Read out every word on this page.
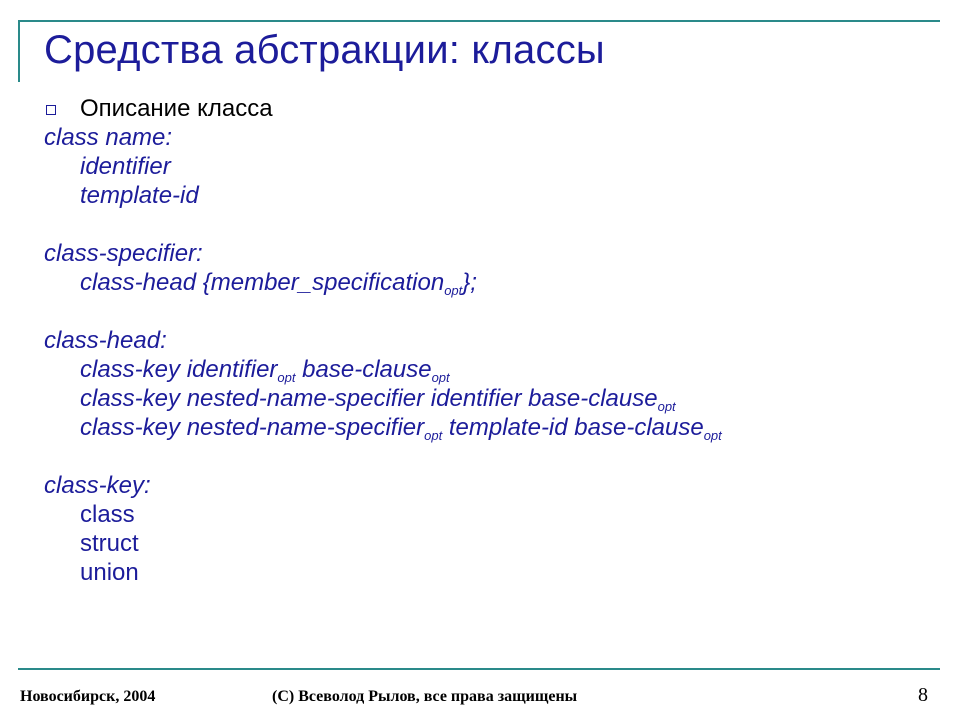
Средства абстракции: классы
Описание класса
class name:
identifier
template-id
class-specifier:
class-head {member_specification$_{opt}$};
class-head:
class-key identifier$_{opt}$ base-clause$_{opt}$
class-key nested-name-specifier identifier base-clause$_{opt}$
class-key nested-name-specifier$_{opt}$ template-id base-clause$_{opt}$
class-key:
class
struct
union
Новосибирск, 2004	(С) Всеволод Рылов, все права защищены	8
